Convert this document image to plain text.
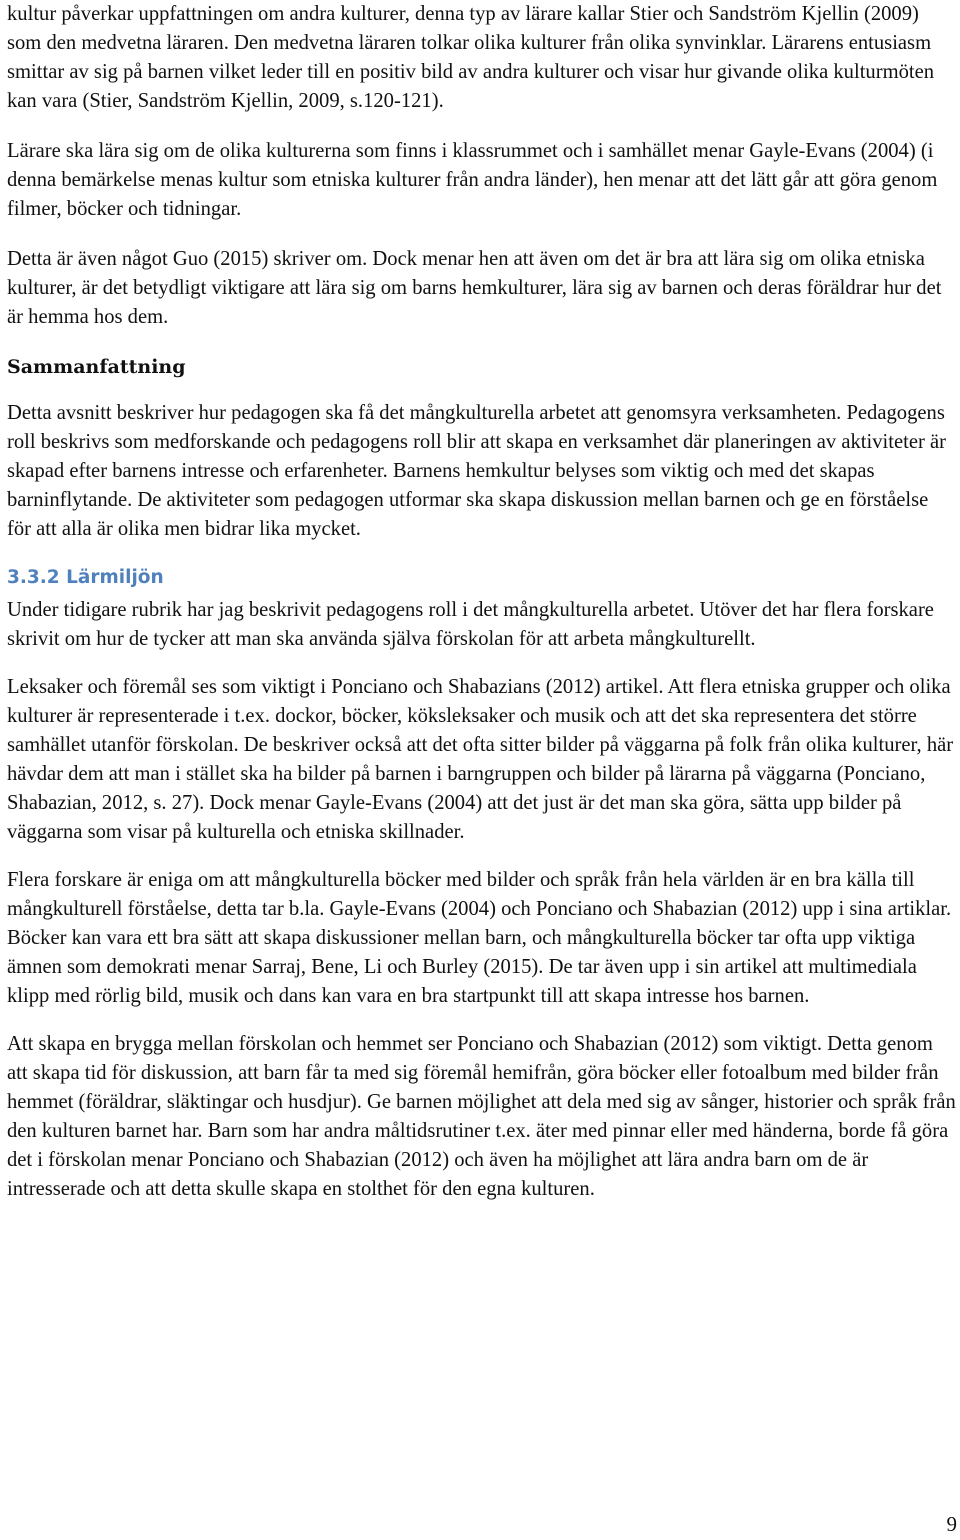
kultur påverkar uppfattningen om andra kulturer, denna typ av lärare kallar Stier och Sandström Kjellin (2009) som den medvetna läraren. Den medvetna läraren tolkar olika kulturer från olika synvinklar. Lärarens entusiasm smittar av sig på barnen vilket leder till en positiv bild av andra kulturer och visar hur givande olika kulturmöten kan vara (Stier, Sandström Kjellin, 2009, s.120-121).

Lärare ska lära sig om de olika kulturerna som finns i klassrummet och i samhället menar Gayle-Evans (2004) (i denna bemärkelse menas kultur som etniska kulturer från andra länder), hen menar att det lätt går att göra genom filmer, böcker och tidningar.

Detta är även något Guo (2015) skriver om. Dock menar hen att även om det är bra att lära sig om olika etniska kulturer, är det betydligt viktigare att lära sig om barns hemkulturer, lära sig av barnen och deras föräldrar hur det är hemma hos dem.

Sammanfattning

Detta avsnitt beskriver hur pedagogen ska få det mångkulturella arbetet att genomsyra verksamheten. Pedagogens roll beskrivs som medforskande och pedagogens roll blir att skapa en verksamhet där planeringen av aktiviteter är skapad efter barnens intresse och erfarenheter. Barnens hemkultur belyses som viktig och med det skapas barninflytande. De aktiviteter som pedagogen utformar ska skapa diskussion mellan barnen och ge en förståelse för att alla är olika men bidrar lika mycket.

3.3.2 Lärmiljön

Under tidigare rubrik har jag beskrivit pedagogens roll i det mångkulturella arbetet. Utöver det har flera forskare skrivit om hur de tycker att man ska använda själva förskolan för att arbeta mångkulturellt.

Leksaker och föremål ses som viktigt i Ponciano och Shabazians (2012) artikel. Att flera etniska grupper och olika kulturer är representerade i t.ex. dockor, böcker, köksleksaker och musik och att det ska representera det större samhället utanför förskolan. De beskriver också att det ofta sitter bilder på väggarna på folk från olika kulturer, här hävdar dem att man i stället ska ha bilder på barnen i barngruppen och bilder på lärarna på väggarna (Ponciano, Shabazian, 2012, s. 27). Dock menar Gayle-Evans (2004) att det just är det man ska göra, sätta upp bilder på väggarna som visar på kulturella och etniska skillnader.

Flera forskare är eniga om att mångkulturella böcker med bilder och språk från hela världen är en bra källa till mångkulturell förståelse, detta tar b.la. Gayle-Evans (2004) och Ponciano och Shabazian (2012) upp i sina artiklar. Böcker kan vara ett bra sätt att skapa diskussioner mellan barn, och mångkulturella böcker tar ofta upp viktiga ämnen som demokrati menar Sarraj, Bene, Li och Burley (2015). De tar även upp i sin artikel att multimediala klipp med rörlig bild, musik och dans kan vara en bra startpunkt till att skapa intresse hos barnen.

Att skapa en brygga mellan förskolan och hemmet ser Ponciano och Shabazian (2012) som viktigt. Detta genom att skapa tid för diskussion, att barn får ta med sig föremål hemifrån, göra böcker eller fotoalbum med bilder från hemmet (föräldrar, släktingar och husdjur). Ge barnen möjlighet att dela med sig av sånger, historier och språk från den kulturen barnet har. Barn som har andra måltidsrutiner t.ex. äter med pinnar eller med händerna, borde få göra det i förskolan menar Ponciano och Shabazian (2012) och även ha möjlighet att lära andra barn om de är intresserade och att detta skulle skapa en stolthet för den egna kulturen.

9
